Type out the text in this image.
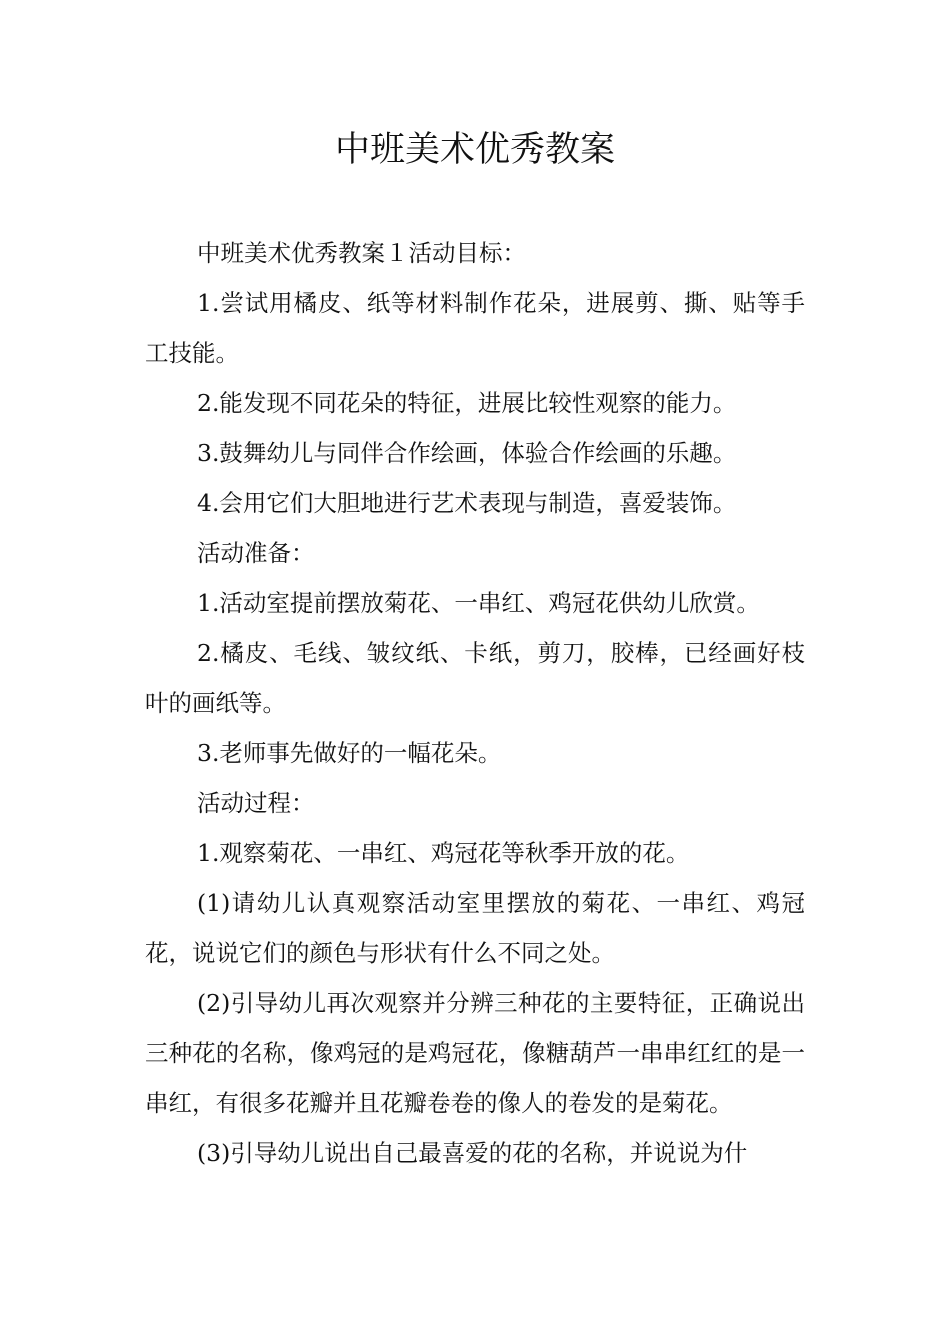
中班美术优秀教案

中班美术优秀教案１活动目标：

1.尝试用橘皮、纸等材料制作花朵，进展剪、撕、贴等手工技能。

2.能发现不同花朵的特征，进展比较性观察的能力。

3.鼓舞幼儿与同伴合作绘画，体验合作绘画的乐趣。

4.会用它们大胆地进行艺术表现与制造，喜爱装饰。

活动准备：

1.活动室提前摆放菊花、一串红、鸡冠花供幼儿欣赏。

2.橘皮、毛线、皱纹纸、卡纸，剪刀，胶棒，已经画好枝叶的画纸等。

3.老师事先做好的一幅花朵。

活动过程：

1.观察菊花、一串红、鸡冠花等秋季开放的花。

(1)请幼儿认真观察活动室里摆放的菊花、一串红、鸡冠花，说说它们的颜色与形状有什么不同之处。

(2)引导幼儿再次观察并分辨三种花的主要特征，正确说出三种花的名称，像鸡冠的是鸡冠花，像糖葫芦一串串红红的是一串红，有很多花瓣并且花瓣卷卷的像人的卷发的是菊花。

(3)引导幼儿说出自己最喜爱的花的名称，并说说为什
